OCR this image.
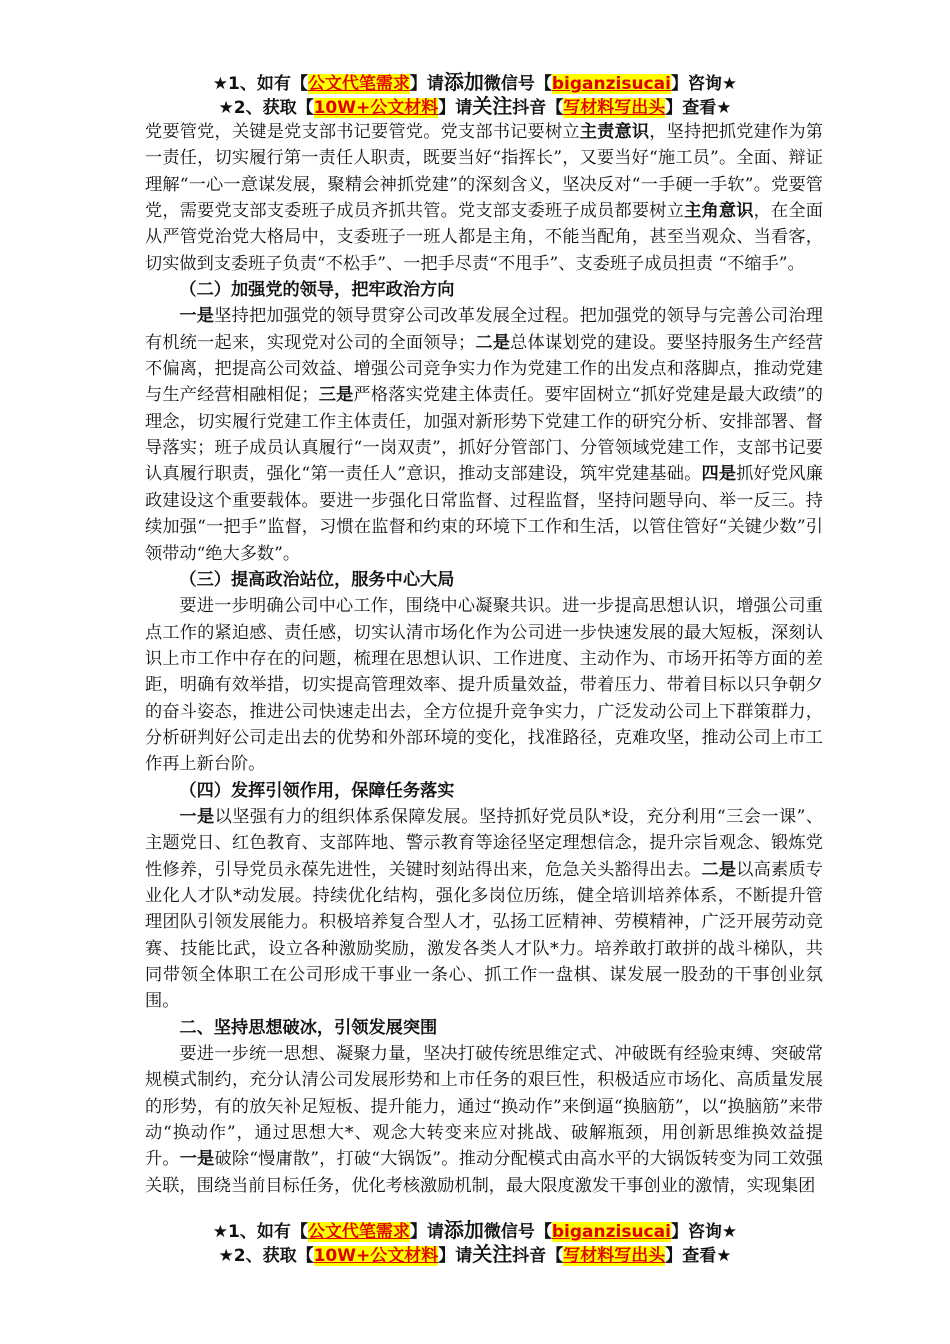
★1、如有【公文代笔需求】请添加微信号【biganzisucai】咨询★
★2、获取【10W+公文材料】请关注抖音【写材料写出头】查看★

党要管党，关键是党支部书记要管党。党支部书记要树立主责意识，坚持把抓党建作为第一责任，切实履行第一责任人职责，既要当好“指挥长”，又要当好“施工员”。全面、辩证理解“一心一意谋发展，聚精会神抓党建”的深刻含义，坚决反对“一手硬一手软”。党要管党，需要党支部支委班子成员齐抓共管。党支部支委班子成员都要树立主角意识，在全面从严管党治党大格局中，支委班子一班人都是主角，不能当配角，甚至当观众、当看客，切实做到支委班子负责“不松手”、一把手尽责“不甩手”、支委班子成员担责 “不缩手”。

（二）加强党的领导，把牢政治方向

一是坚持把加强党的领导贯穿公司改革发展全过程。把加强党的领导与完善公司治理有机统一起来，实现党对公司的全面领导；二是总体谋划党的建设。要坚持服务生产经营不偏离，把提高公司效益、增强公司竞争实力作为党建工作的出发点和落脚点，推动党建与生产经营相融相促；三是严格落实党建主体责任。要牢固树立“抓好党建是最大政绩”的理念，切实履行党建工作主体责任，加强对新形势下党建工作的研究分析、安排部署、督导落实；班子成员认真履行“一岗双责”，抓好分管部门、分管领域党建工作，支部书记要认真履行职责，强化“第一责任人”意识，推动支部建设，筑牢党建基础。四是抓好党风廉政建设这个重要载体。要进一步强化日常监督、过程监督，坚持问题导向、举一反三。持续加强“一把手”监督，习惯在监督和约束的环境下工作和生活，以管住管好“关键少数”引领带动“绝大多数”。

（三）提高政治站位，服务中心大局

要进一步明确公司中心工作，围绕中心凝聚共识。进一步提高思想认识，增强公司重点工作的紧迫感、责任感，切实认清市场化作为公司进一步快速发展的最大短板，深刻认识上市工作中存在的问题，梳理在思想认识、工作进度、主动作为、市场开拓等方面的差距，明确有效举措，切实提高管理效率、提升质量效益，带着压力、带着目标以只争朝夕的奋斗姿态，推进公司快速走出去，全方位提升竞争实力，广泛发动公司上下群策群力，分析研判好公司走出去的优势和外部环境的变化，找准路径，克难攻坚，推动公司上市工作再上新台阶。

（四）发挥引领作用，保障任务落实

一是以坚强有力的组织体系保障发展。坚持抓好党员队*设，充分利用“三会一课”、主题党日、红色教育、支部阵地、警示教育等途径坚定理想信念，提升宗旨观念、锻炼党性修养，引导党员永葆先进性，关键时刻站得出来，危急关头豁得出去。二是以高素质专业化人才队*动发展。持续优化结构，强化多岗位历练，健全培训培养体系，不断提升管理团队引领发展能力。积极培养复合型人才，弘扬工匠精神、劳模精神，广泛开展劳动竞赛、技能比武，设立各种激励奖励，激发各类人才队*力。培养敢打敢拼的战斗梯队，共同带领全体职工在公司形成干事业一条心、抓工作一盘棋、谋发展一股劲的干事创业氛围。

二、坚持思想破冰，引领发展突围

要进一步统一思想、凝聚力量，坚决打破传统思维定式、冲破既有经验束缚、突破常规模式制约，充分认清公司发展形势和上市任务的艰巨性，积极适应市场化、高质量发展的形势，有的放矢补足短板、提升能力，通过“换动作”来倒逼“换脑筋”，以“换脑筋”来带动“换动作”，通过思想大*、观念大转变来应对挑战、破解瓶颈，用创新思维换效益提升。一是破除“慢庸散”，打破“大锅饭”。推动分配模式由高水平的大锅饭转变为同工效强关联，围绕当前目标任务，优化考核激励机制，最大限度激发干事创业的激情，实现集团

★1、如有【公文代笔需求】请添加微信号【biganzisucai】咨询★
★2、获取【10W+公文材料】请关注抖音【写材料写出头】查看★
